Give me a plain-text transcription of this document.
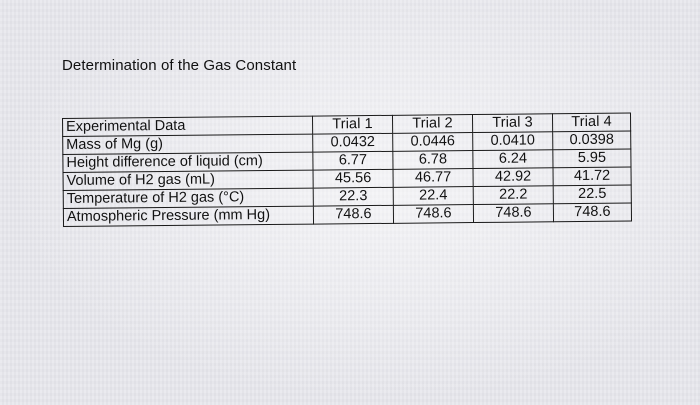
Determination of the Gas Constant
Experimental Data	Trial 1	Trial 2	Trial 3	Trial 4
Mass of Mg (g)	0.0432	0.0446	0.0410	0.0398
Height difference of liquid (cm)	6.77	6.78	6.24	5.95
Volume of H2 gas (mL)	45.56	46.77	42.92	41.72
Temperature of H2 gas (°C)	22.3	22.4	22.2	22.5
Atmospheric Pressure (mm Hg)	748.6	748.6	748.6	748.6
